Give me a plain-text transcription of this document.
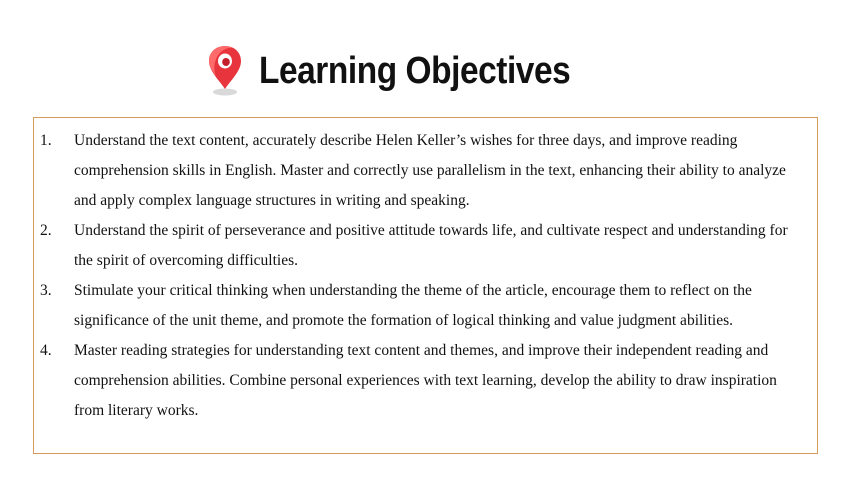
Learning Objectives
1.	Understand the text content, accurately describe Helen Keller’s wishes for three days, and improve reading comprehension skills in English. Master and correctly use parallelism in the text, enhancing their ability to analyze and apply complex language structures in writing and speaking.
2.	Understand the spirit of perseverance and positive attitude towards life, and cultivate respect and understanding for the spirit of overcoming difficulties.
3.	Stimulate your critical thinking when understanding the theme of the article, encourage them to reflect on the significance of the unit theme, and promote the formation of logical thinking and value judgment abilities.
4.	Master reading strategies for understanding text content and themes, and improve their independent reading and comprehension abilities. Combine personal experiences with text learning, develop the ability to draw inspiration from literary works.
